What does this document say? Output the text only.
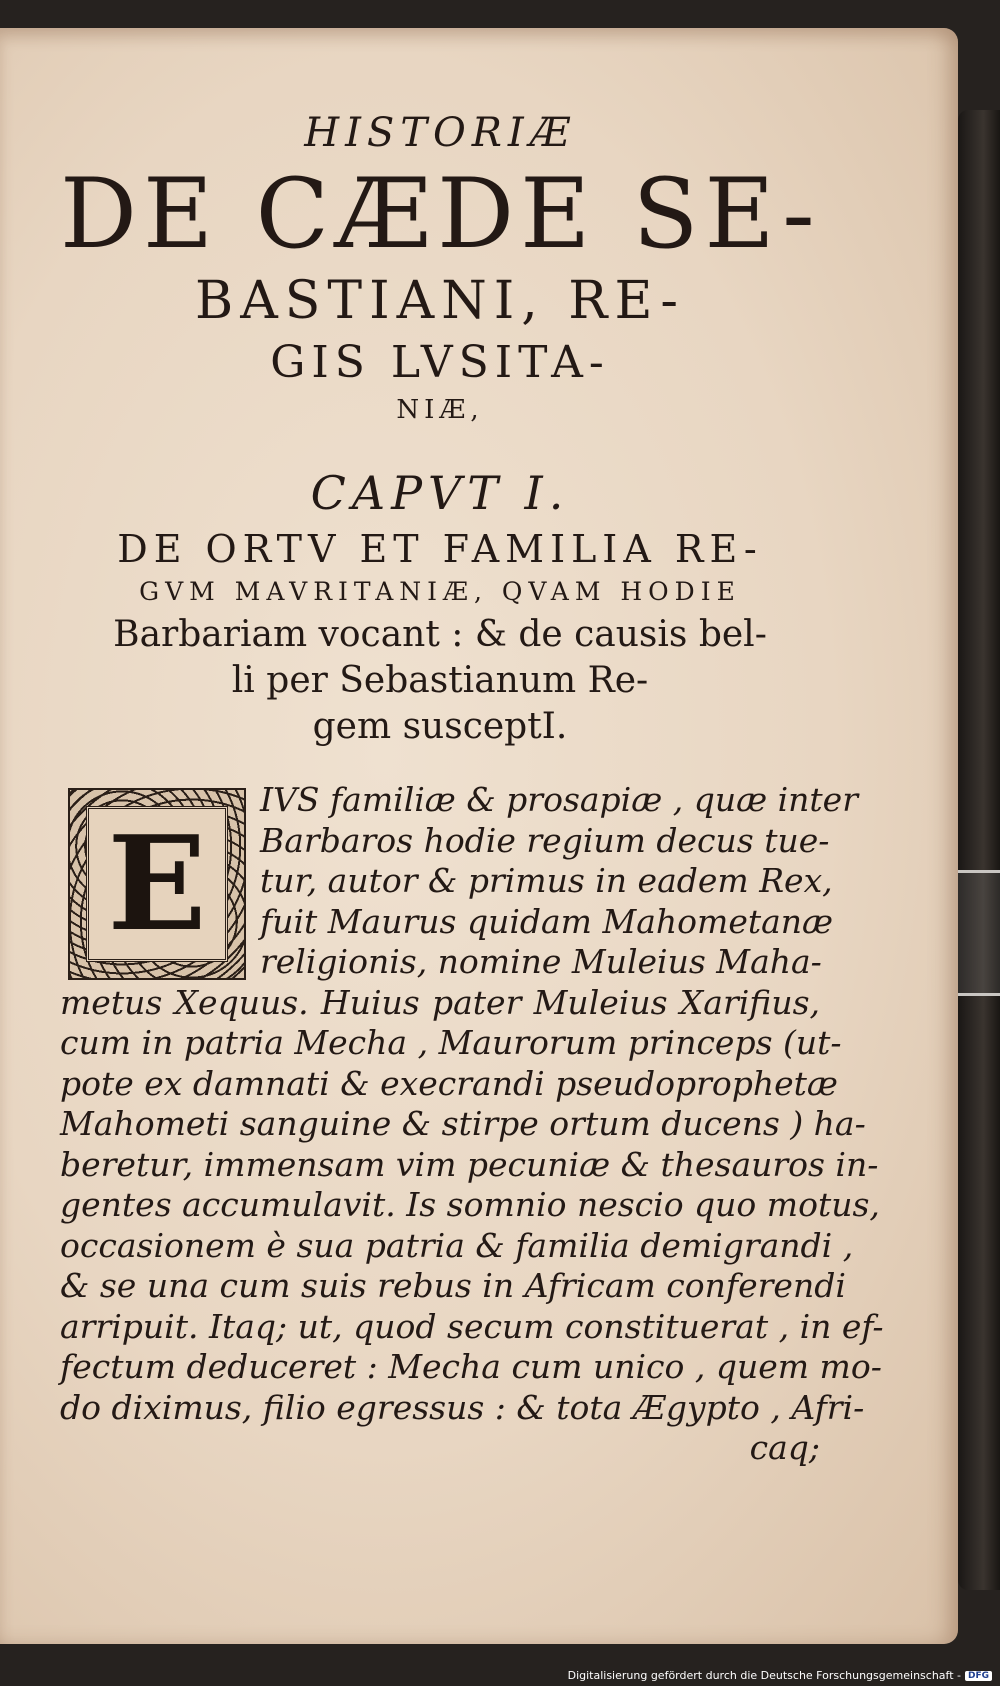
HISTORIÆ
DE CÆDE SE-
BASTIANI, RE-
GIS LVSITA-
NIÆ,
CAPVT I.
DE ORTV ET FAMILIA RE-
GVM MAVRITANIÆ, QVAM HODIE
Barbariam vocant : & de causis bel-
li per Sebastianum Re-
gem susceptI.
E
IVS familiæ & prosapiæ , quæ inter
Barbaros hodie regium decus tue-
tur, autor & primus in eadem Rex,
fuit Maurus quidam Mahometanæ
religionis, nomine Muleius Maha-
metus Xequus. Huius pater Muleius Xarifius,
cum in patria Mecha , Maurorum princeps (ut-
pote ex damnati & execrandi pseudoprophetæ
Mahometi sanguine & stirpe ortum ducens ) ha-
beretur, immensam vim pecuniæ & thesauros in-
gentes accumulavit. Is somnio nescio quo motus,
occasionem è sua patria & familia demigrandi ,
& se una cum suis rebus in Africam conferendi
arripuit. Itaq; ut, quod secum constituerat , in ef-
fectum deduceret : Mecha cum unico , quem mo-
do diximus, filio egressus : & tota Ægypto , Afri-
caq;
Digitalisierung gefördert durch die Deutsche Forschungsgemeinschaft - DFG
